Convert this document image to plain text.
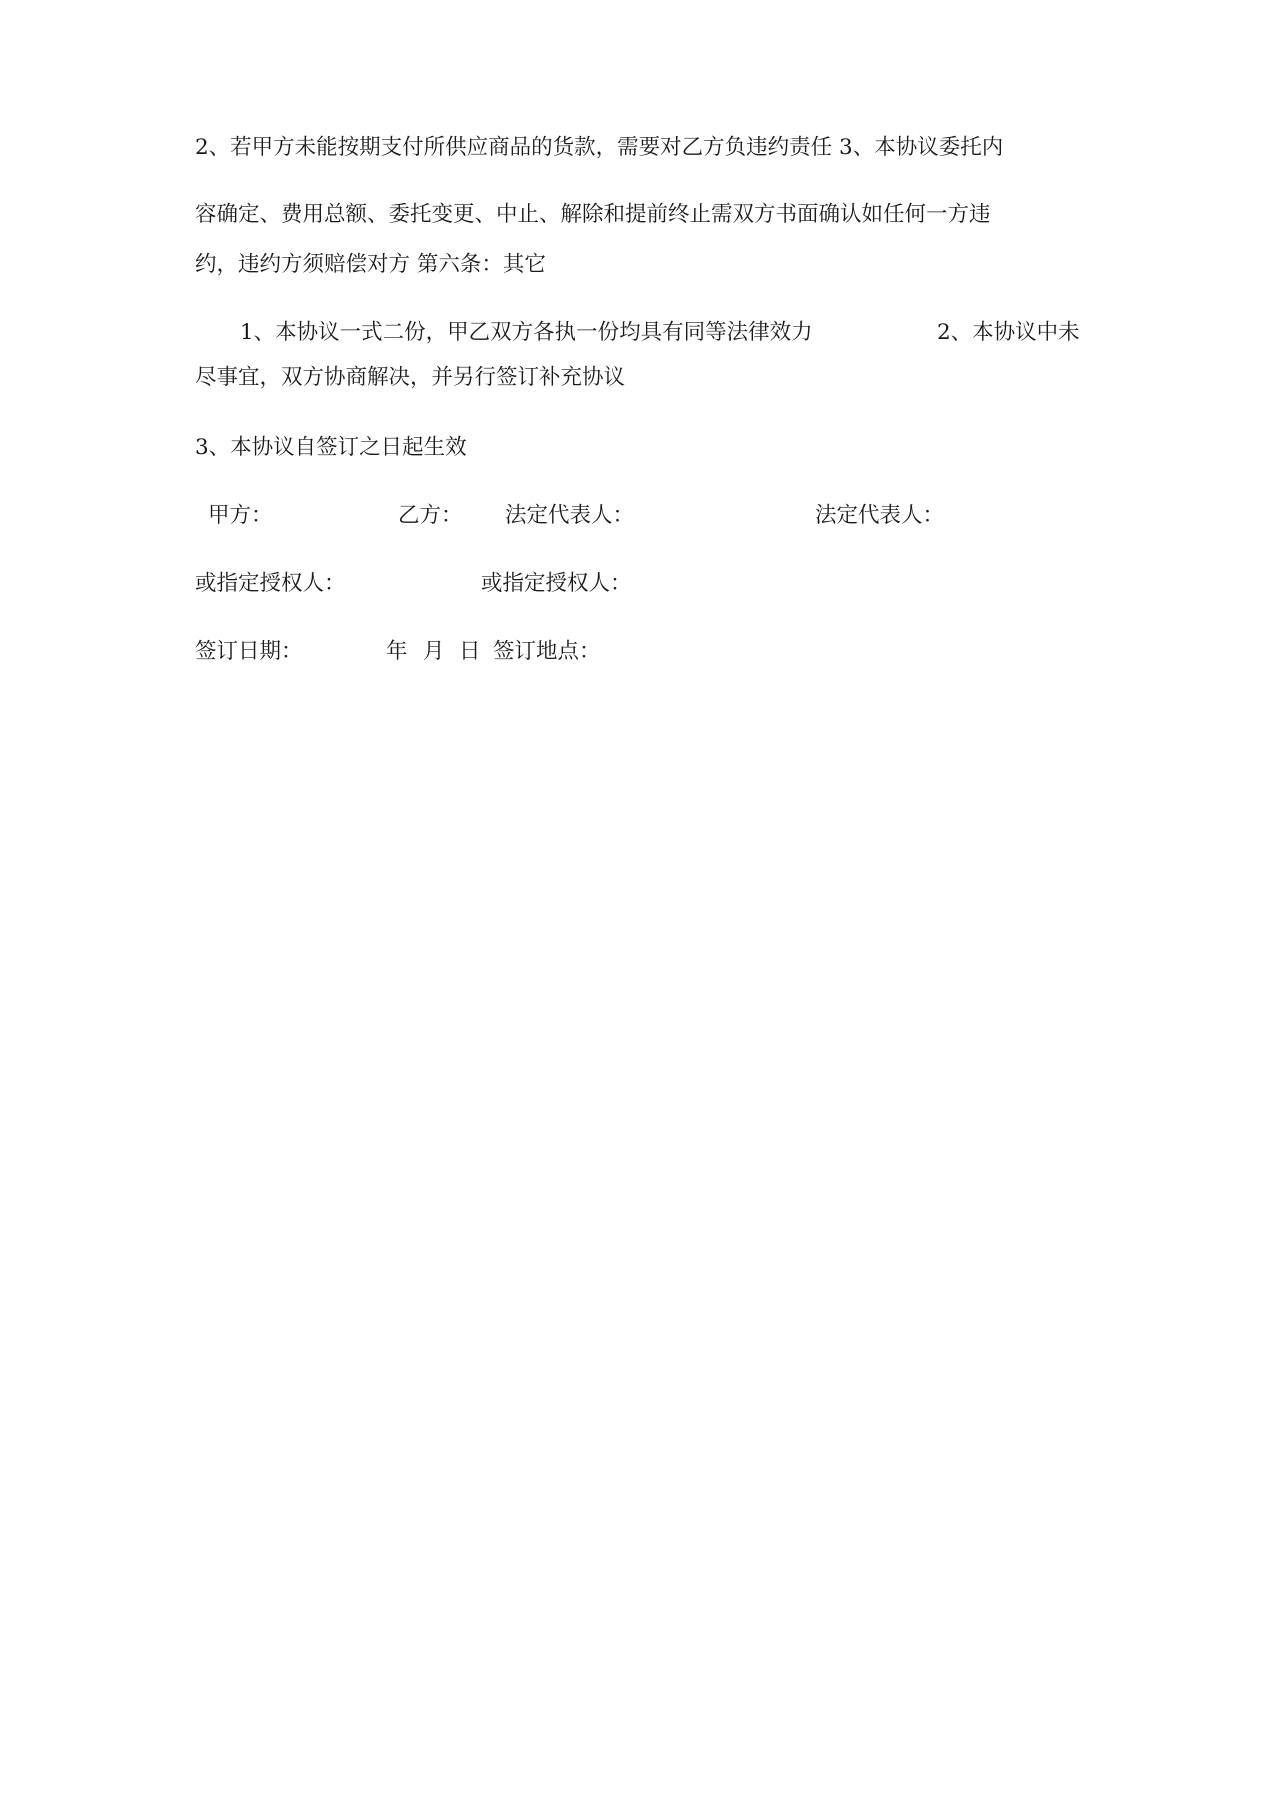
2、若甲方未能按期支付所供应商品的货款，需要对乙方负违约责任 3、本协议委托内
容确定、费用总额、委托变更、中止、解除和提前终止需双方书面确认如任何一方违
约，违约方须赔偿对方 第六条：其它
1、本协议一式二份，甲乙双方各执一份均具有同等法律效力	2、本协议中未
尽事宜，双方协商解决，并另行签订补充协议
3、本协议自签订之日起生效
甲方：	乙方： 法定代表人：	法定代表人：
或指定授权人：	或指定授权人：
签订日期：	年 月 日 签订地点：
